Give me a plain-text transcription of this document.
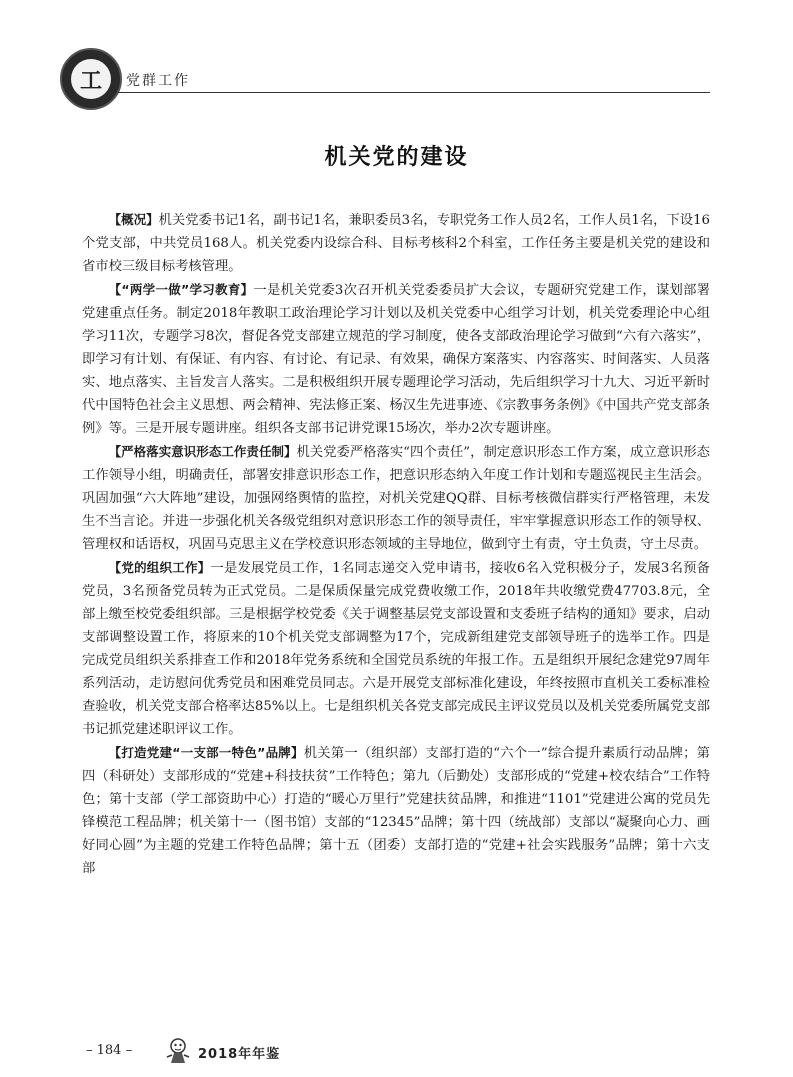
工	党群工作
机关党的建设

【概况】机关党委书记1名，副书记1名，兼职委员3名，专职党务工作人员2名，工作人员1名，下设16个党支部，中共党员168人。机关党委内设综合科、目标考核科2个科室，工作任务主要是机关党的建设和省市校三级目标考核管理。

【“两学一做”学习教育】一是机关党委3次召开机关党委委员扩大会议，专题研究党建工作，谋划部署党建重点任务。制定2018年教职工政治理论学习计划以及机关党委中心组学习计划，机关党委理论中心组学习11次，专题学习8次，督促各党支部建立规范的学习制度，使各支部政治理论学习做到“六有六落实”，即学习有计划、有保证、有内容、有讨论、有记录、有效果，确保方案落实、内容落实、时间落实、人员落实、地点落实、主旨发言人落实。二是积极组织开展专题理论学习活动，先后组织学习十九大、习近平新时代中国特色社会主义思想、两会精神、宪法修正案、杨汉生先进事迹、《宗教事务条例》《中国共产党支部条例》等。三是开展专题讲座。组织各支部书记讲党课15场次，举办2次专题讲座。

【严格落实意识形态工作责任制】机关党委严格落实“四个责任”，制定意识形态工作方案，成立意识形态工作领导小组，明确责任，部署安排意识形态工作，把意识形态纳入年度工作计划和专题巡视民主生活会。巩固加强“六大阵地”建设，加强网络舆情的监控，对机关党建QQ群、目标考核微信群实行严格管理，未发生不当言论。并进一步强化机关各级党组织对意识形态工作的领导责任，牢牢掌握意识形态工作的领导权、管理权和话语权，巩固马克思主义在学校意识形态领域的主导地位，做到守土有责，守土负责，守土尽责。

【党的组织工作】一是发展党员工作，1名同志递交入党申请书，接收6名入党积极分子，发展3名预备党员，3名预备党员转为正式党员。二是保质保量完成党费收缴工作，2018年共收缴党费47703.8元，全部上缴至校党委组织部。三是根据学校党委《关于调整基层党支部设置和支委班子结构的通知》要求，启动支部调整设置工作，将原来的10个机关党支部调整为17个，完成新组建党支部领导班子的选举工作。四是完成党员组织关系排查工作和2018年党务系统和全国党员系统的年报工作。五是组织开展纪念建党97周年系列活动，走访慰问优秀党员和困难党员同志。六是开展党支部标准化建设，年终按照市直机关工委标准检查验收，机关党支部合格率达85%以上。七是组织机关各党支部完成民主评议党员以及机关党委所属党支部书记抓党建述职评议工作。

【打造党建“一支部一特色”品牌】机关第一（组织部）支部打造的“六个一”综合提升素质行动品牌；第四（科研处）支部形成的“党建+科技扶贫”工作特色；第九（后勤处）支部形成的“党建+校农结合”工作特色；第十支部（学工部资助中心）打造的“暖心万里行”党建扶贫品牌，和推进“1101”党建进公寓的党员先锋模范工程品牌；机关第十一（图书馆）支部的“12345”品牌；第十四（统战部）支部以“凝聚向心力、画好同心圆”为主题的党建工作特色品牌；第十五（团委）支部打造的“党建+社会实践服务”品牌；第十六支部

– 184 –	2018年年鉴
